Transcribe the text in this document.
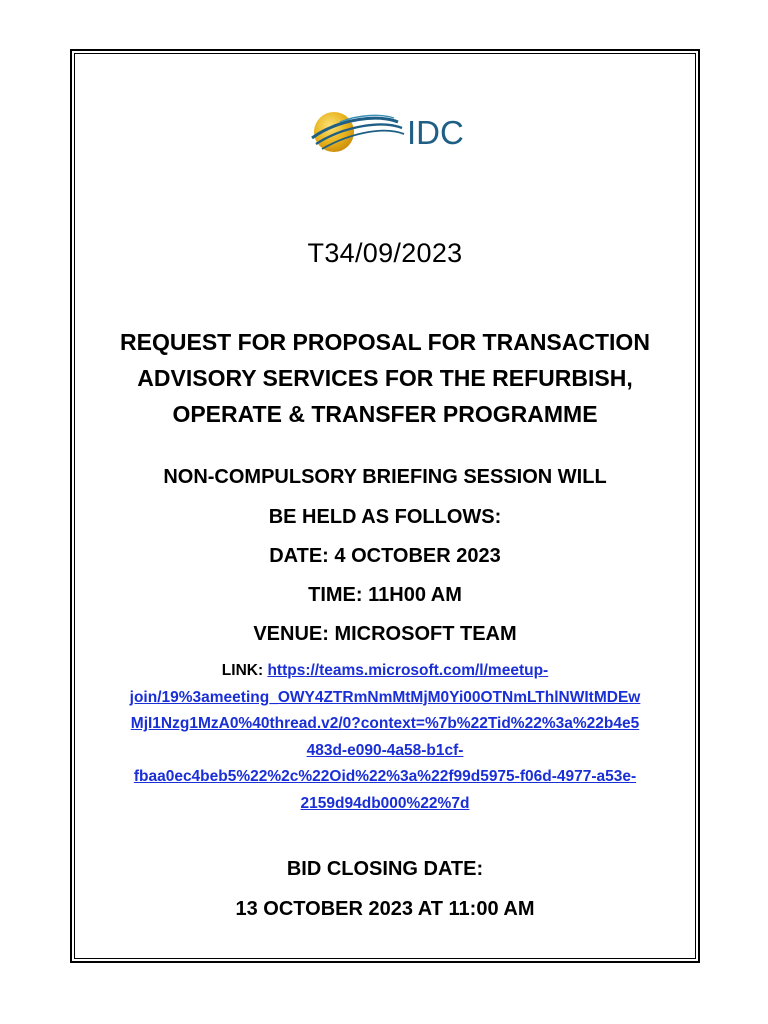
IDC
T34/09/2023
REQUEST FOR PROPOSAL FOR TRANSACTION
ADVISORY SERVICES FOR THE REFURBISH,
OPERATE & TRANSFER PROGRAMME
NON-COMPULSORY BRIEFING SESSION WILL
BE HELD AS FOLLOWS:
DATE: 4 OCTOBER 2023
TIME: 11H00 AM
VENUE: MICROSOFT TEAM
LINK: https://teams.microsoft.com/l/meetup-
join/19%3ameeting_OWY4ZTRmNmMtMjM0Yi00OTNmLThlNWItMDEw
MjI1Nzg1MzA0%40thread.v2/0?context=%7b%22Tid%22%3a%22b4e5
483d-e090-4a58-b1cf-
fbaa0ec4beb5%22%2c%22Oid%22%3a%22f99d5975-f06d-4977-a53e-
2159d94db000%22%7d
BID CLOSING DATE:
13 OCTOBER 2023 AT 11:00 AM
